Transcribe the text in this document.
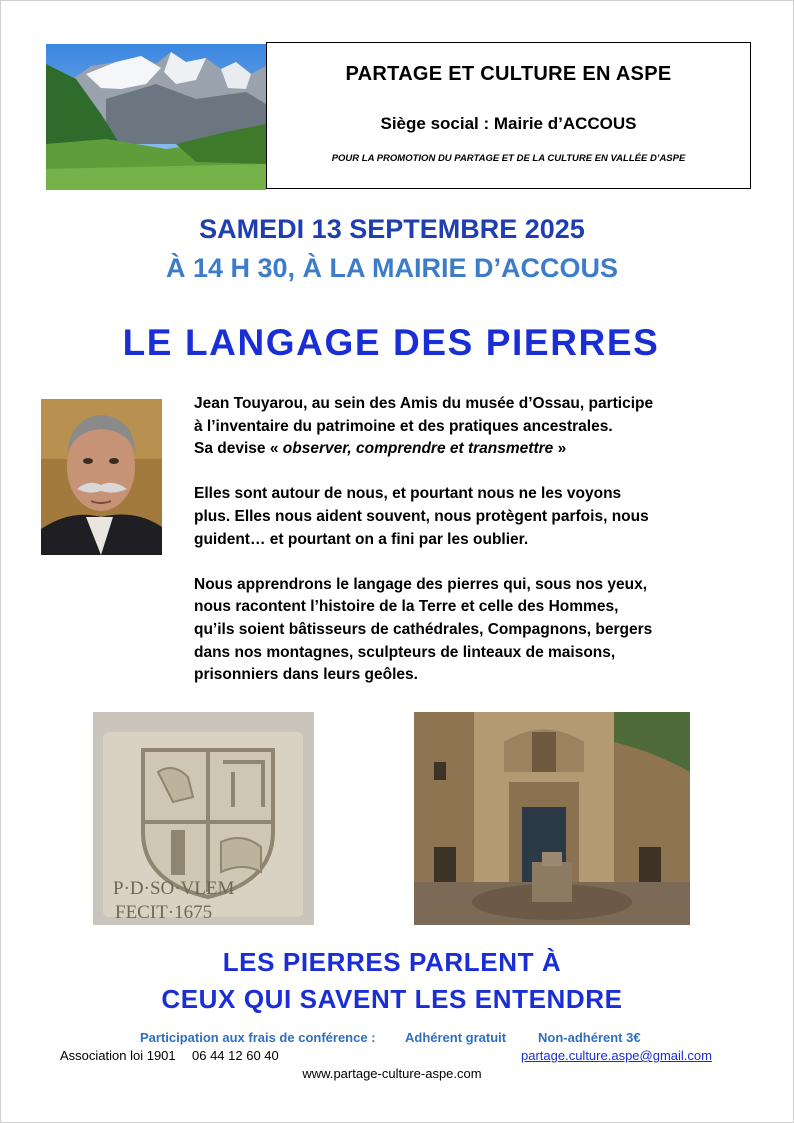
PARTAGE ET CULTURE EN ASPE
Siège social : Mairie d’ACCOUS
POUR LA PROMOTION DU PARTAGE ET DE LA CULTURE EN VALLÉE D’ASPE
SAMEDI 13 SEPTEMBRE 2025
À 14 H 30, À LA MAIRIE D’ACCOUS
LE LANGAGE DES PIERRES

Jean Touyarou, au sein des Amis du musée d’Ossau, participe
à l’inventaire du patrimoine et des pratiques ancestrales.
Sa devise « observer, comprendre et transmettre »

Elles sont autour de nous, et pourtant nous ne les voyons
plus. Elles nous aident souvent, nous protègent parfois, nous
guident… et pourtant on a fini par les oublier.

Nous apprendrons le langage des pierres qui, sous nos yeux,
nous racontent l’histoire de la Terre et celle des Hommes,
qu’ils soient bâtisseurs de cathédrales, Compagnons, bergers
dans nos montagnes, sculpteurs de linteaux de maisons,
prisonniers dans leurs geôles.

P·D·SO·VLEM
FECIT·1675
LES PIERRES PARLENT À
CEUX QUI SAVENT LES ENTENDRE
Participation aux frais de conférence : Adhérent gratuit Non-adhérent 3€
Association loi 1901 06 44 12 60 40	partage.culture.aspe@gmail.com
www.partage-culture-aspe.com
